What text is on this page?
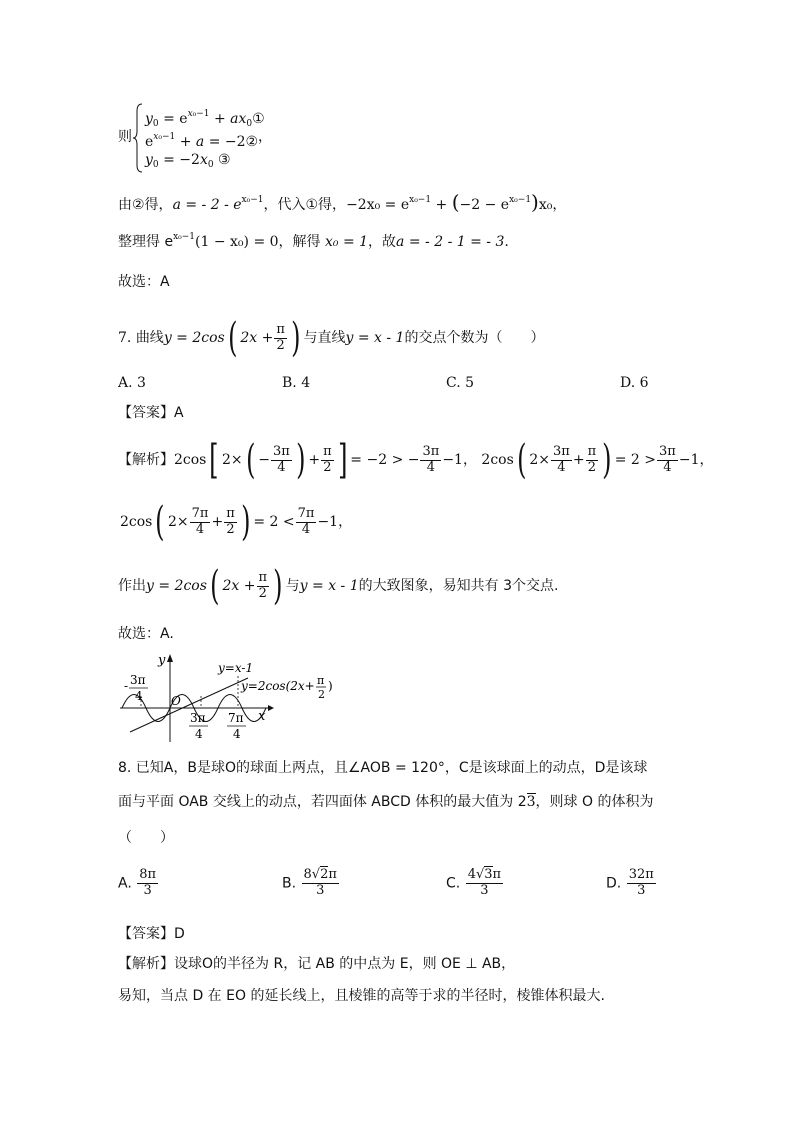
则
$y_0 = e^{x_0-1}$ + $ax_0①$
$e^{x_0-1} + a$ = −2②
$y_0 = -2x_0$ ③
，
由②得，a = - $2 - e^{x_0-1}$，代入①得，$-2x_0 = e^{x_0-1} + (-2 - e^{x_0-1})x_0$，
整理得 $e^{x_0-1}(1 - x_0) = 0$，解得 x₀ = 1，故a = - 2 - 1 = - 3.
故选：A
7. 曲线y = 2cos( $2x + \frac{\pi}{2}$ ) 与直线y = x - 1的交点个数为（　　）
A. 3	B. 4	C. 5	D. 6
【答案】A
【解析】2cos[ $2\times( - \frac{3\pi}{4}$ ) + $\frac{\pi}{2}$ ] = −2 > − $\frac{3\pi}{4} -1$， 2cos( $2\times \frac{3\pi}{4} + \frac{\pi}{2}$ ) = $2 > \frac{3\pi}{4} -1$，
2cos( $2\times \frac{7\pi}{4} + \frac{\pi}{2}$ ) = $2 < \frac{7\pi}{4} -1$，
作出y = 2cos( $2x + \frac{\pi}{2}$ ) 与y = x - 1的大致图象，易知共有 3个交点.
故选：A.
y
x
O
y=x-1
y=2cos(2x+ π
2
)
- 3π
4
3π
4
7π
4
8. 已知A，B是球O的球面上两点，且∠AOB = 120°，C是该球面上的动点，D是该球
面与平面 OAB 交线上的动点，若四面体 ABCD 体积的最大值为 23，则球 O 的体积为
（　　）
A. $\frac{8\pi}{3}$	B. $\frac{8√2\pi}{3}$	C. $\frac{4√3\pi}{3}$	D. $\frac{32\pi}{3}$
【答案】D
【解析】设球O的半径为 R，记 AB 的中点为 E，则 OE ⊥ AB，
易知，当点 D 在 EO 的延长线上，且棱锥的高等于求的半径时，棱锥体积最大.
